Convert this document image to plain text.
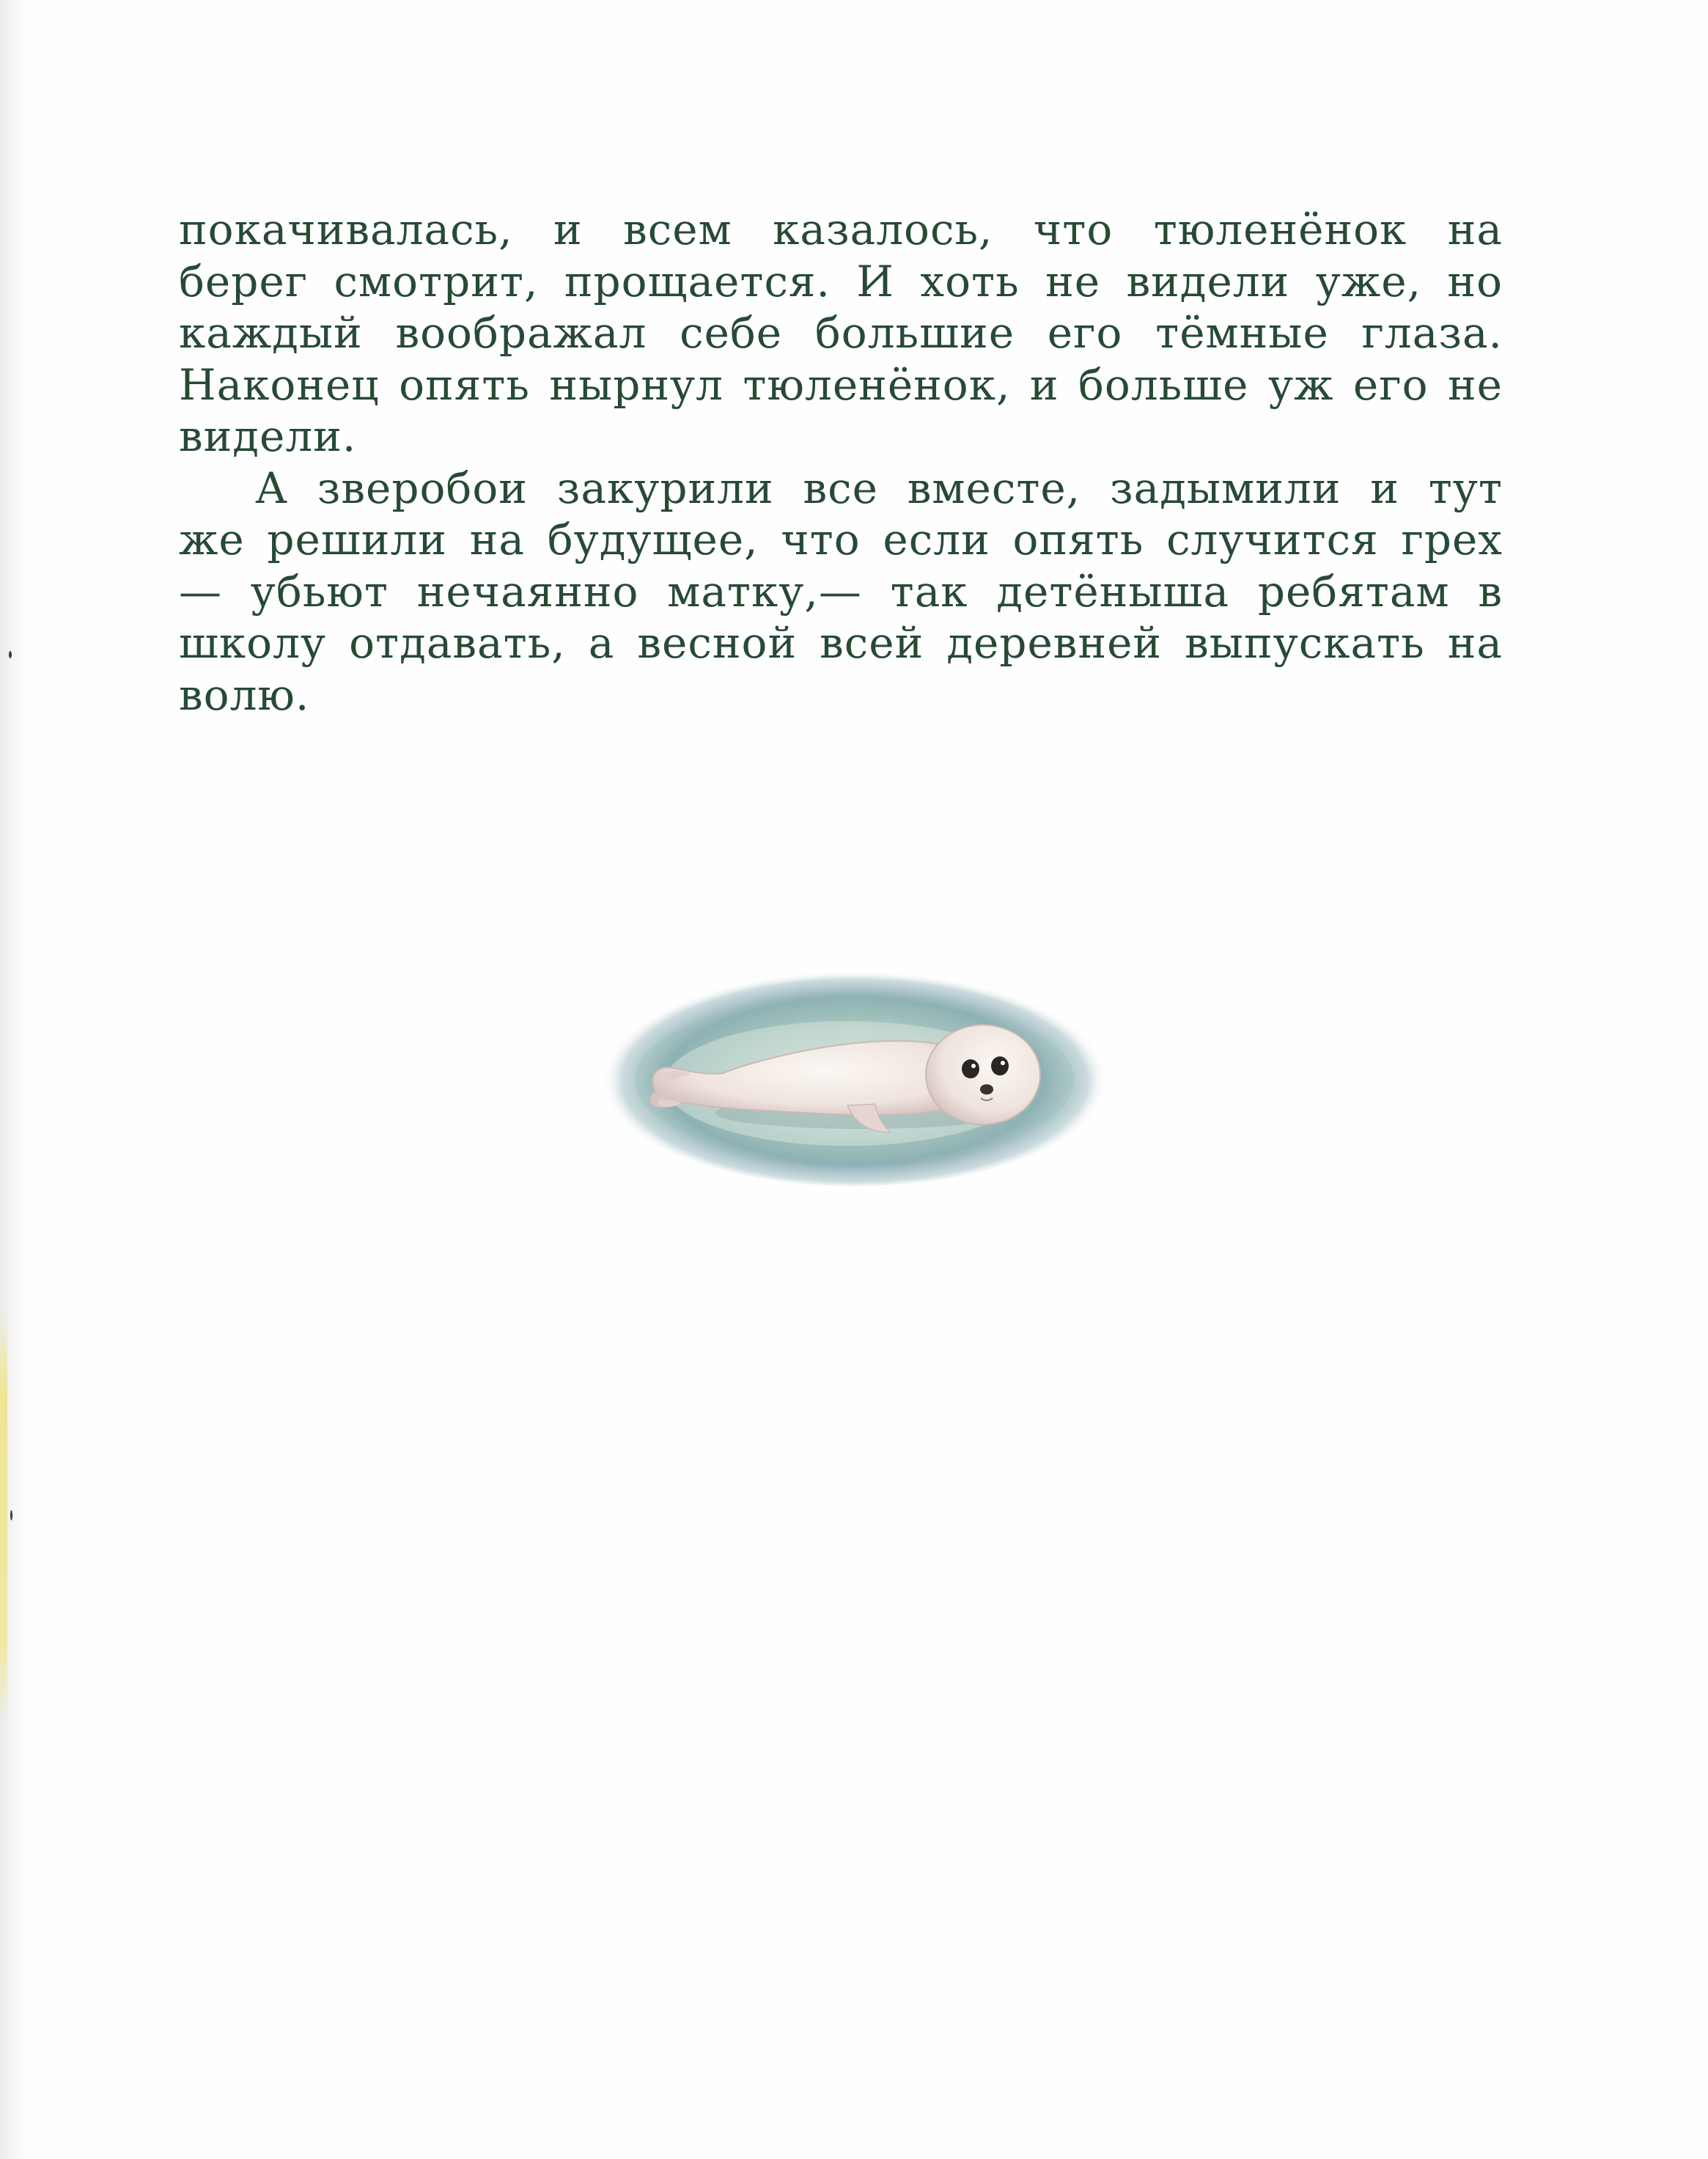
покачивалась, и всем казалось, что тюленёнок на берег смотрит, прощается. И хоть не видели уже, но каждый воображал себе большие его тёмные глаза. Наконец опять нырнул тюленёнок, и больше уж его не видели.

А зверобои закурили все вместе, задымили и тут же решили на будущее, что если опять случится грех — убьют нечаянно матку,— так детёныша ребятам в школу отдавать, а весной всей деревней выпускать на волю.
